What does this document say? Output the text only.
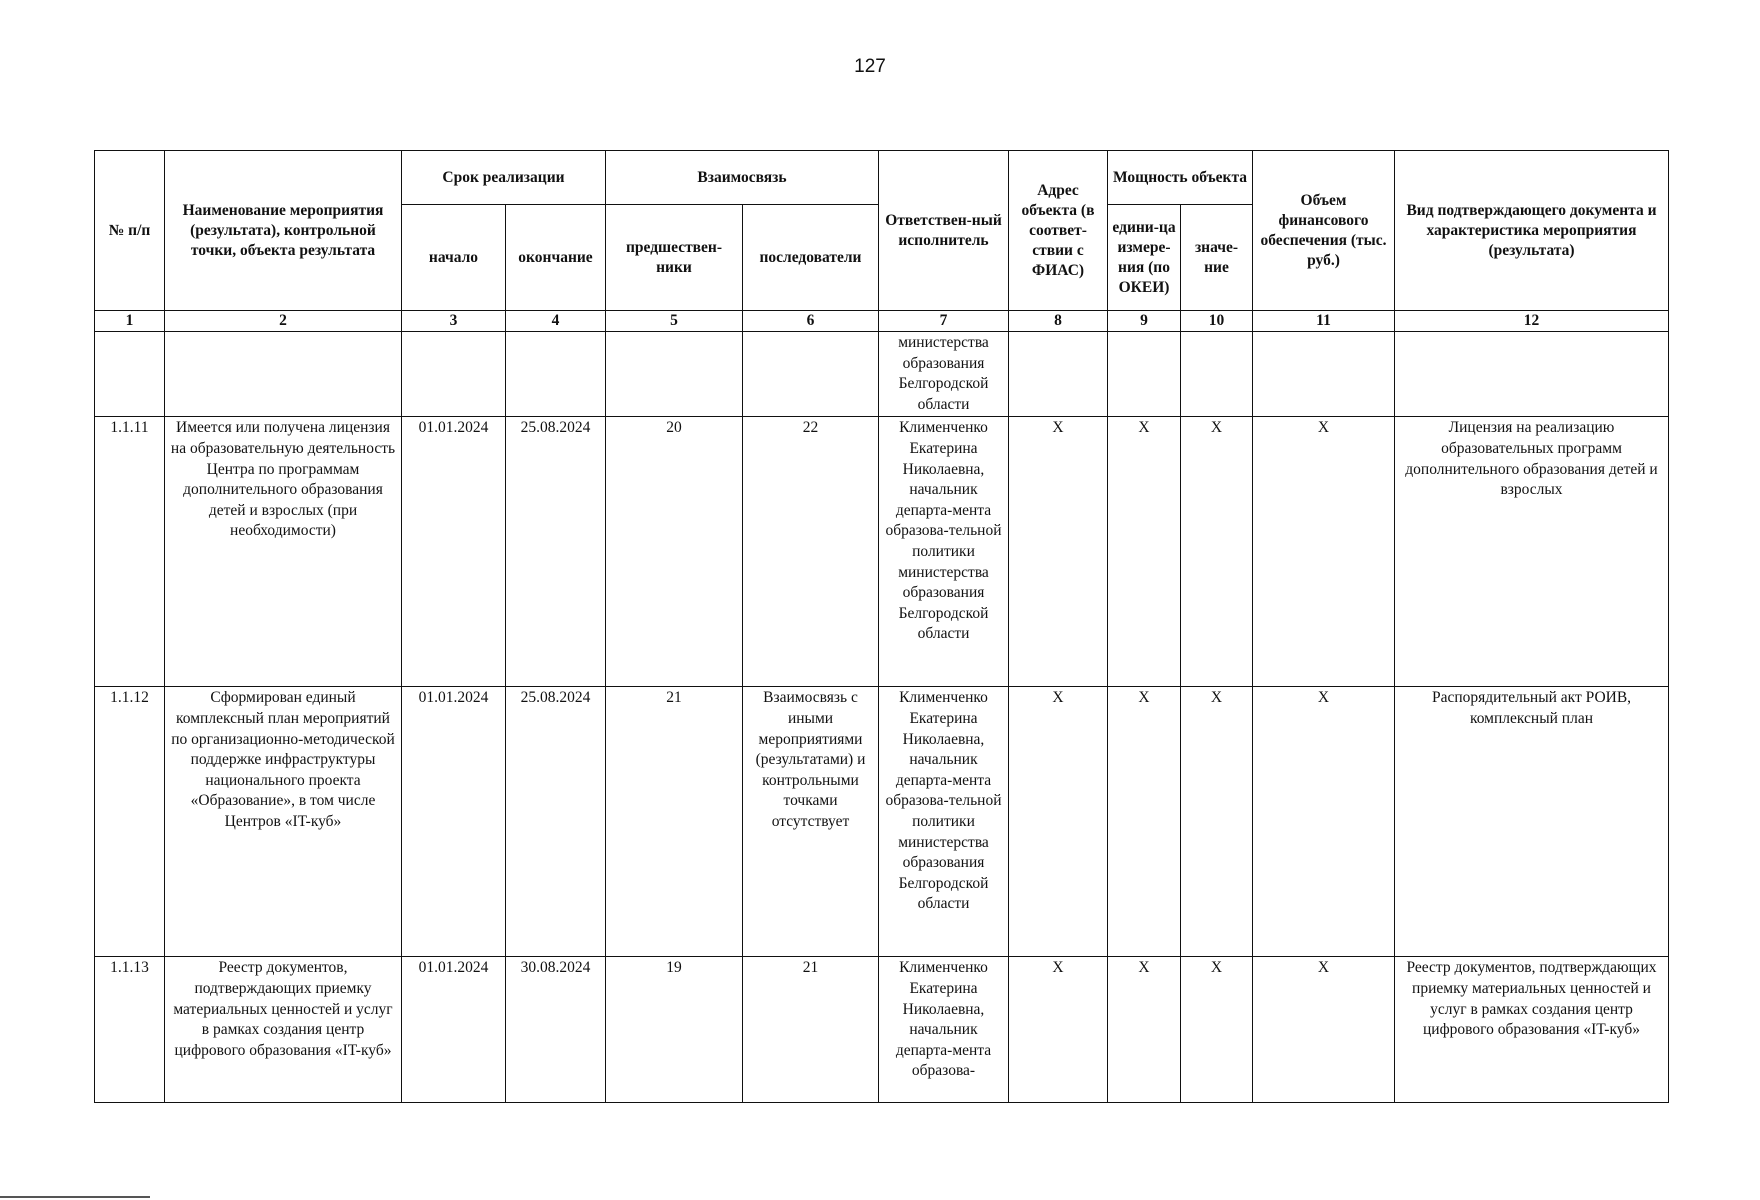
127
№ п/п	Наименование мероприятия (результата), контрольной точки, объекта результата	Срок реализации		Взаимосвязь		Ответствен-ный исполнитель	Адрес объекта (в соответ-ствии с ФИАС)	Мощность объекта		Объем финансового обеспечения (тыс. руб.)	Вид подтверждающего документа и характеристика мероприятия (результата)
		начало	окончание	предшествен-ники	последователи			едини-ца измере-ния (по ОКЕИ)	значе-ние		
1	2	3	4	5	6	7	8	9	10	11	12
						министерства образования Белгородской области					
1.1.11	Имеется или получена лицензия на образовательную деятельность Центра по программам дополнительного образования детей и взрослых (при необходимости)	01.01.2024	25.08.2024	20	22	Клименченко Екатерина Николаевна, начальник департа-мента образова-тельной политики министерства образования Белгородской области	X	X	X	X	Лицензия на реализацию образовательных программ дополнительного образования детей и взрослых
1.1.12	Сформирован единый комплексный план мероприятий по организационно-методической поддержке инфраструктуры национального проекта «Образование», в том числе Центров «IT-куб»	01.01.2024	25.08.2024	21	Взаимосвязь с иными мероприятиями (результатами) и контрольными точками отсутствует	Клименченко Екатерина Николаевна, начальник департа-мента образова-тельной политики министерства образования Белгородской области	X	X	X	X	Распорядительный акт РОИВ, комплексный план
1.1.13	Реестр документов, подтверждающих приемку материальных ценностей и услуг в рамках создания центр цифрового образования «IT-куб»	01.01.2024	30.08.2024	19	21	Клименченко Екатерина Николаевна, начальник департа-мента образова-	X	X	X	X	Реестр документов, подтверждающих приемку материальных ценностей и услуг в рамках создания центр цифрового образования «IT-куб»
